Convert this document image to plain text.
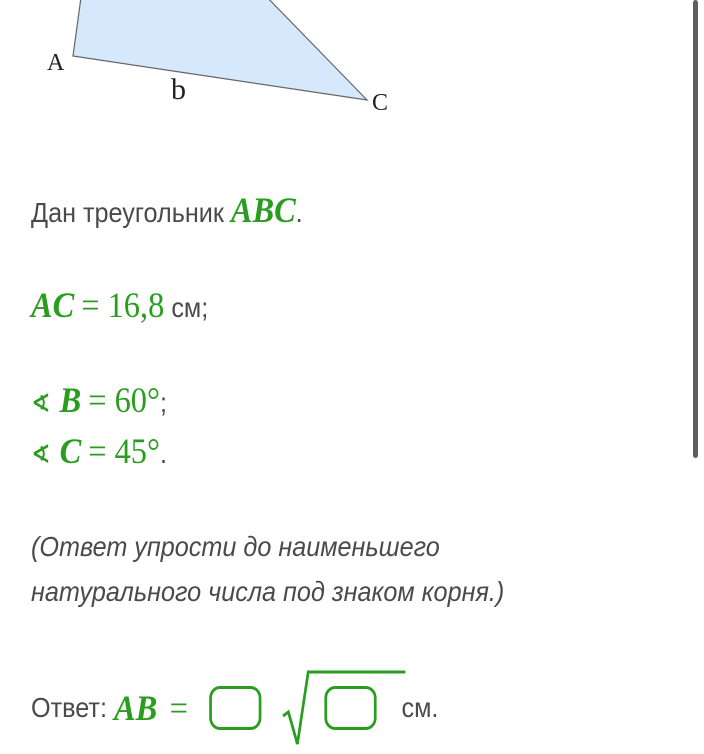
A
b	C
Дан треугольник ABC.
AC = 16,8 см;
∢ B = 60°;
∢ C = 45°.
(Ответ упрости до наименьшего
натурального числа под знаком корня.)
Ответ: AB =	см.
